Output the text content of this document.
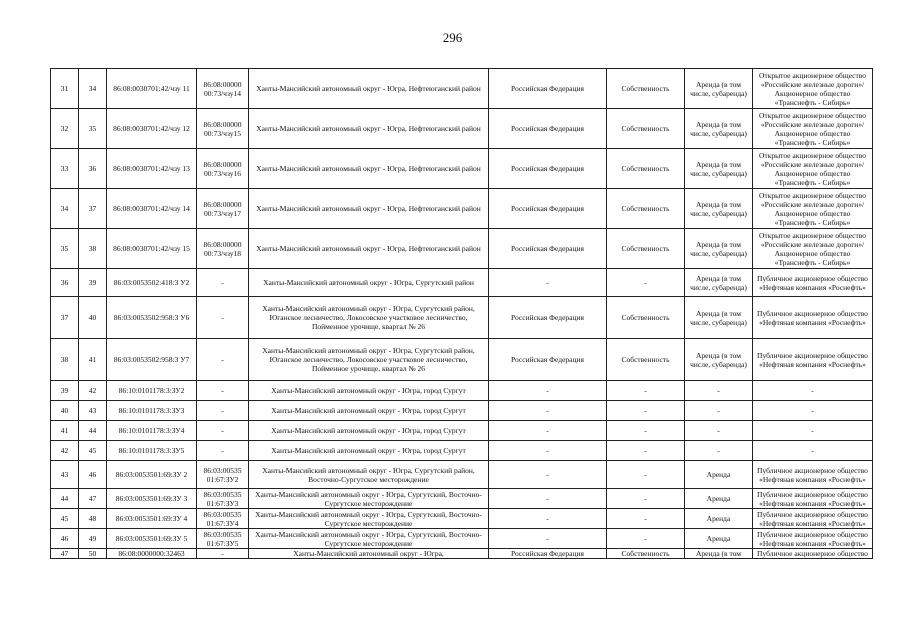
296
31	34	86:08:0030701:42/чзу 11	86:08:00000 00:73/чзу14	Ханты-Мансийский автономный округ - Югра, Нефтеюганский район	Российская Федерация	Собственность	Аренда (в том числе, субаренда)	Открытое акционерное общество «Российские железные дороги»/ Акционерное общество «Транснефть - Сибирь»
32	35	86:08:0030701:42/чзу 12	86:08:00000 00:73/чзу15	Ханты-Мансийский автономный округ - Югра, Нефтеюганский район	Российская Федерация	Собственность	Аренда (в том числе, субаренда)	Открытое акционерное общество «Российские железные дороги»/ Акционерное общество «Транснефть - Сибирь»
33	36	86:08:0030701:42/чзу 13	86:08:00000 00:73/чзу16	Ханты-Мансийский автономный округ - Югра, Нефтеюганский район	Российская Федерация	Собственность	Аренда (в том числе, субаренда)	Открытое акционерное общество «Российские железные дороги»/ Акционерное общество «Транснефть - Сибирь»
34	37	86:08:0030701:42/чзу 14	86:08:00000 00:73/чзу17	Ханты-Мансийский автономный округ - Югра, Нефтеюганский район	Российская Федерация	Собственность	Аренда (в том числе, субаренда)	Открытое акционерное общество «Российские железные дороги»/ Акционерное общество «Транснефть - Сибирь»
35	38	86:08:0030701:42/чзу 15	86:08:00000 00:73/чзу18	Ханты-Мансийский автономный округ - Югра, Нефтеюганский район	Российская Федерация	Собственность	Аренда (в том числе, субаренда)	Открытое акционерное общество «Российские железные дороги»/ Акционерное общество «Транснефть - Сибирь»
36	39	86:03:0053502:418:3 У2	-	Ханты-Мансийский автономный округ - Югра, Сургутский район	-	-	Аренда (в том числе, субаренда)	Публичное акционерное общество «Нефтяная компания «Роснефть»
37	40	86:03:0053502:958:3 У6	-	Ханты-Мансийский автономный округ - Югра, Сургутский район, Юганское лесничество, Локосовское участковое лесничество, Пойменное урочище, квартал № 26	Российская Федерация	Собственность	Аренда (в том числе, субаренда)	Публичное акционерное общество «Нефтяная компания «Роснефть»
38	41	86:03:0053502:958:3 У7	-	Ханты-Мансийский автономный округ - Югра, Сургутский район, Юганское лесничество, Локосовское участковое лесничество, Пойменное урочище, квартал № 26	Российская Федерация	Собственность	Аренда (в том числе, субаренда)	Публичное акционерное общество «Нефтяная компания «Роснефть»
39	42	86:10:0101178:3:ЗУ2	-	Ханты-Мансийский автономный округ - Югра, город Сургут	-	-	-	-
40	43	86:10:0101178:3:ЗУ3	-	Ханты-Мансийский автономный округ - Югра, город Сургут	-	-	-	-
41	44	86:10:0101178:3:ЗУ4	-	Ханты-Мансийский автономный округ - Югра, город Сургут	-	-	-	-
42	45	86:10:0101178:3:ЗУ5	-	Ханты-Мансийский автономный округ - Югра, город Сургут	-	-	-	-
43	46	86:03:0053501:69:ЗУ 2	86:03:00535 01:67:ЗУ2	Ханты-Мансийский автономный округ - Югра, Сургутский район, Восточно-Сургутское месторождение	-	-	Аренда	Публичное акционерное общество «Нефтяная компания «Роснефть»
44	47	86:03:0053501:69:ЗУ 3	86:03:00535 01:67:ЗУ3	Ханты-Мансийский автономный округ - Югра, Сургутский, Восточно-Сургутское месторождение	-	-	Аренда	Публичное акционерное общество «Нефтяная компания «Роснефть»
45	48	86:03:0053501:69:ЗУ 4	86:03:00535 01:67:ЗУ4	Ханты-Мансийский автономный округ - Югра, Сургутский, Восточно-Сургутское месторождение	-	-	Аренда	Публичное акционерное общество «Нефтяная компания «Роснефть»
46	49	86:03:0053501:69:ЗУ 5	86:03:00535 01:67:ЗУ5	Ханты-Мансийский автономный округ - Югра, Сургутский, Восточно-Сургутское месторождение	-	-	Аренда	Публичное акционерное общество «Нефтяная компания «Роснефть»
47	50	86:08:0000000:32463	-	Ханты-Мансийский автономный округ - Югра,	Российская Федерация	Собственность	Аренда (в том	Публичное акционерное общество
